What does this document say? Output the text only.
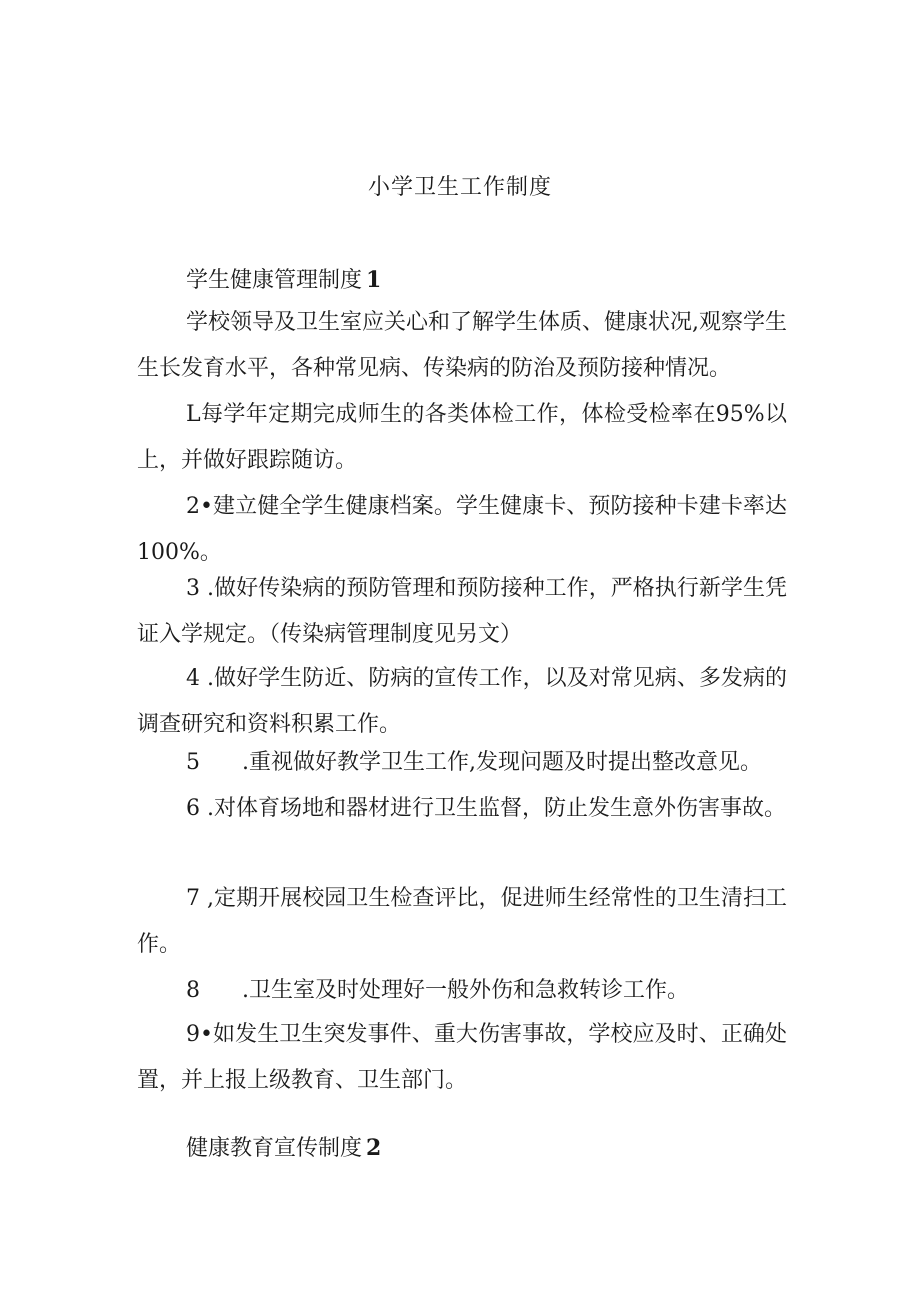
小学卫生工作制度
学生健康管理制度 1
学校领导及卫生室应关心和了解学生体质、健康状况,观察学生生长发育水平，各种常见病、传染病的防治及预防接种情况。
L每学年定期完成师生的各类体检工作，体检受检率在95%以上，并做好跟踪随访。
2•建立健全学生健康档案。学生健康卡、预防接种卡建卡率达100%。
3 .做好传染病的预防管理和预防接种工作，严格执行新学生凭证入学规定。（传染病管理制度见另文）
4 .做好学生防近、防病的宣传工作，以及对常见病、多发病的调查研究和资料积累工作。
5 .重视做好教学卫生工作,发现问题及时提出整改意见。
6 .对体育场地和器材进行卫生监督，防止发生意外伤害事故。
7 ,定期开展校园卫生检查评比，促进师生经常性的卫生清扫工作。
8 .卫生室及时处理好一般外伤和急救转诊工作。
9•如发生卫生突发事件、重大伤害事故，学校应及时、正确处置，并上报上级教育、卫生部门。
健康教育宣传制度 2
